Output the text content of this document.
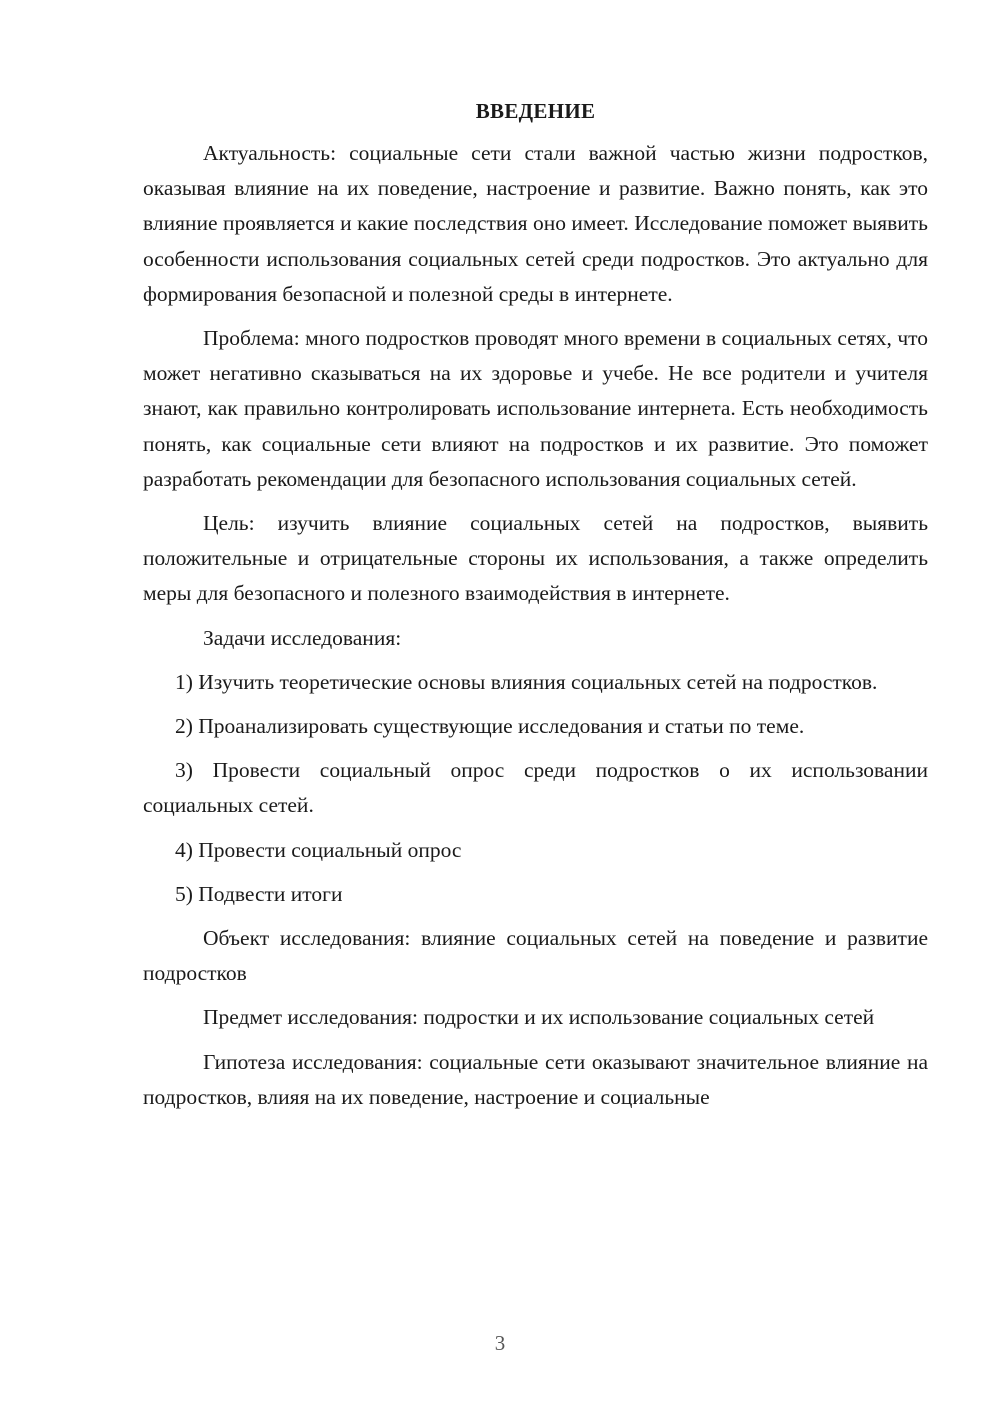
ВВЕДЕНИЕ

Актуальность: социальные сети стали важной частью жизни подростков, оказывая влияние на их поведение, настроение и развитие. Важно понять, как это влияние проявляется и какие последствия оно имеет. Исследование поможет выявить особенности использования социальных сетей среди подростков. Это актуально для формирования безопасной и полезной среды в интернете.

Проблема: много подростков проводят много времени в социальных сетях, что может негативно сказываться на их здоровье и учебе. Не все родители и учителя знают, как правильно контролировать использование интернета. Есть необходимость понять, как социальные сети влияют на подростков и их развитие. Это поможет разработать рекомендации для безопасного использования социальных сетей.

Цель: изучить влияние социальных сетей на подростков, выявить положительные и отрицательные стороны их использования, а также определить меры для безопасного и полезного взаимодействия в интернете.

Задачи исследования:

1) Изучить теоретические основы влияния социальных сетей на подростков.

2) Проанализировать существующие исследования и статьи по теме.

3) Провести социальный опрос среди подростков о их использовании социальных сетей.

4) Провести социальный опрос

5) Подвести итоги

Объект исследования: влияние социальных сетей на поведение и развитие подростков

Предмет исследования: подростки и их использование социальных сетей

Гипотеза исследования: социальные сети оказывают значительное влияние на подростков, влияя на их поведение, настроение и социальные

3
